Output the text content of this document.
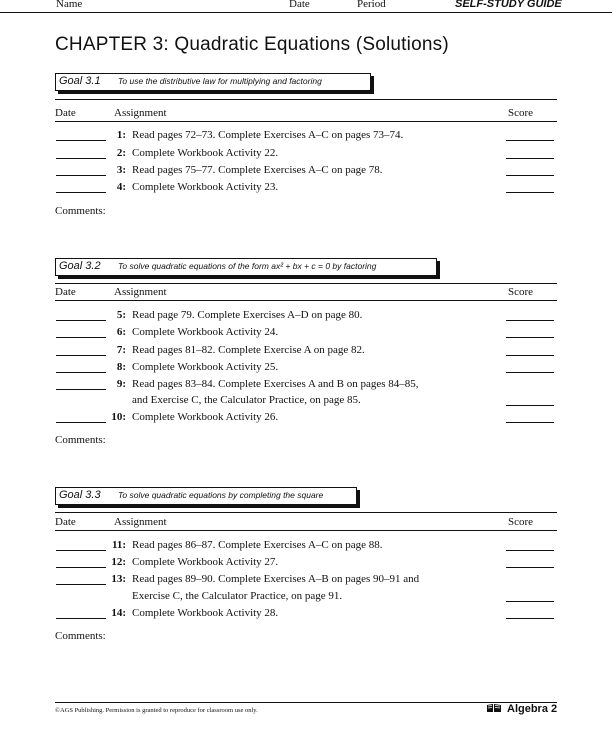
Name	Date	Period	SELF-STUDY GUIDE
CHAPTER 3: Quadratic Equations (Solutions)
Goal 3.1 To use the distributive law for multiplying and factoring
Date	Assignment	Score
1: Read pages 72–73. Complete Exercises A–C on pages 73–74.
2: Complete Workbook Activity 22.
3: Read pages 75–77. Complete Exercises A–C on page 78.
4: Complete Workbook Activity 23.
Comments:
Goal 3.2 To solve quadratic equations of the form ax² + bx + c = 0 by factoring
Date	Assignment	Score
5: Read page 79. Complete Exercises A–D on page 80.
6: Complete Workbook Activity 24.
7: Read pages 81–82. Complete Exercise A on page 82.
8: Complete Workbook Activity 25.
9: Read pages 83–84. Complete Exercises A and B on pages 84–85,
and Exercise C, the Calculator Practice, on page 85.
10: Complete Workbook Activity 26.
Comments:
Goal 3.3 To solve quadratic equations by completing the square
Date	Assignment	Score
11: Read pages 86–87. Complete Exercises A–C on page 88.
12: Complete Workbook Activity 27.
13: Read pages 89–90. Complete Exercises A–B on pages 90–91 and
Exercise C, the Calculator Practice, on page 91.
14: Complete Workbook Activity 28.
Comments:
©AGS Publishing. Permission is granted to reproduce for classroom use only.	Algebra 2
